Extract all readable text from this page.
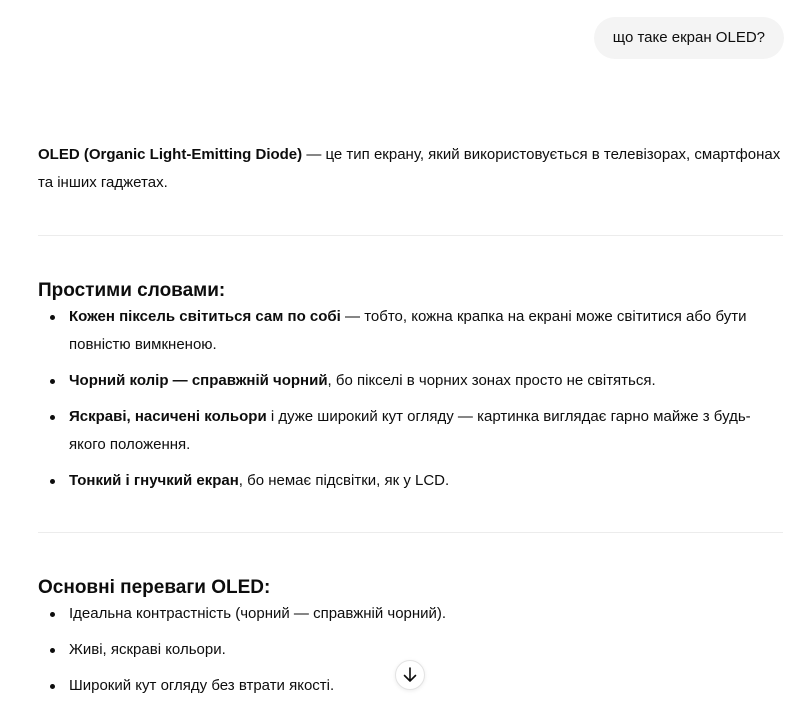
що таке екран OLED?

OLED (Organic Light-Emitting Diode) — це тип екрану, який використовується в телевізорах, смартфонах та інших гаджетах.

Простими словами:
Кожен піксель світиться сам по собі — тобто, кожна крапка на екрані може світитися або бути повністю вимкненою.
Чорний колір — справжній чорний, бо пікселі в чорних зонах просто не світяться.
Яскраві, насичені кольори і дуже широкий кут огляду — картинка виглядає гарно майже з будь-якого положення.
Тонкий і гнучкий екран, бо немає підсвітки, як у LCD.
Основні переваги OLED:
Ідеальна контрастність (чорний — справжній чорний).
Живі, яскраві кольори.
Широкий кут огляду без втрати якості.
